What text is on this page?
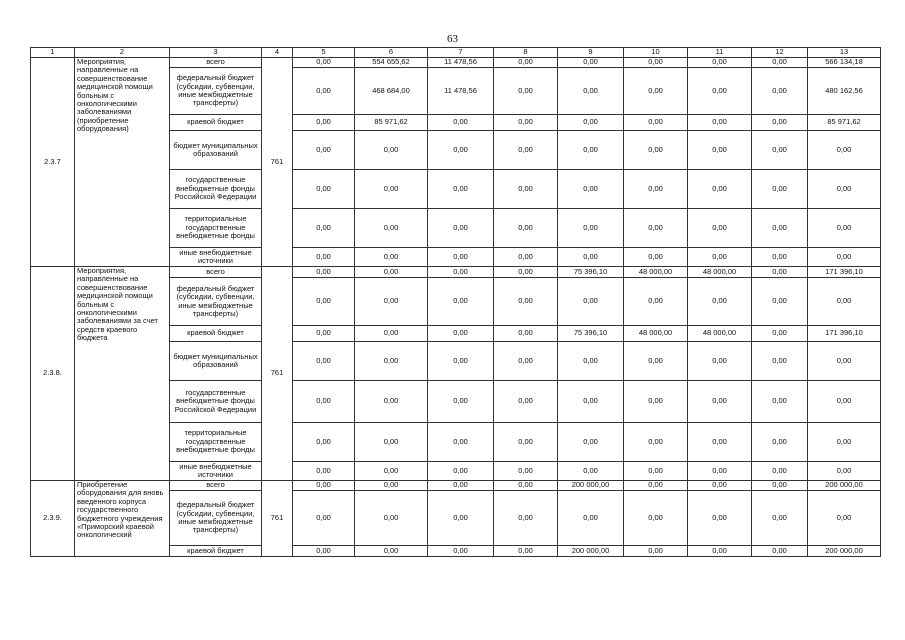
63
1	2	3	4	5	6	7	8	9	10	11	12	13
2.3.7	Мероприятия, направленные на совершенствование медицинской помощи больным с онкологическими заболеваниями (приобретение оборудования)	всего	761	0,00	554 655,62	11 478,56	0,00	0,00	0,00	0,00	0,00	566 134,18
		федеральный бюджет (субсидии, субвенции, иные межбюджетные трансферты)		0,00	468 684,00	11 478,56	0,00	0,00	0,00	0,00	0,00	480 162,56
		краевой бюджет		0,00	85 971,62	0,00	0,00	0,00	0,00	0,00	0,00	85 971,62
		бюджет муниципальных образований		0,00	0,00	0,00	0,00	0,00	0,00	0,00	0,00	0,00
		государственные внебюджетные фонды Российской Федерации		0,00	0,00	0,00	0,00	0,00	0,00	0,00	0,00	0,00
		территориальные государственные внебюджетные фонды		0,00	0,00	0,00	0,00	0,00	0,00	0,00	0,00	0,00
		иные внебюджетные источники		0,00	0,00	0,00	0,00	0,00	0,00	0,00	0,00	0,00
2.3.8.	Мероприятия, направленные на совершенствование медицинской помощи больным с онкологическими заболеваниями за счет средств краевого бюджета	всего	761	0,00	0,00	0,00	0,00	75 396,10	48 000,00	48 000,00	0,00	171 396,10
		федеральный бюджет (субсидии, субвенции, иные межбюджетные трансферты)		0,00	0,00	0,00	0,00	0,00	0,00	0,00	0,00	0,00
		краевой бюджет		0,00	0,00	0,00	0,00	75 396,10	48 000,00	48 000,00	0,00	171 396,10
		бюджет муниципальных образований		0,00	0,00	0,00	0,00	0,00	0,00	0,00	0,00	0,00
		государственные внебюджетные фонды Российской Федерации		0,00	0,00	0,00	0,00	0,00	0,00	0,00	0,00	0,00
		территориальные государственные внебюджетные фонды		0,00	0,00	0,00	0,00	0,00	0,00	0,00	0,00	0,00
		иные внебюджетные источники		0,00	0,00	0,00	0,00	0,00	0,00	0,00	0,00	0,00
2.3.9.	Приобретение оборудования для вновь введенного корпуса государственного бюджетного учреждения «Приморский краевой онкологический	всего	761	0,00	0,00	0,00	0,00	200 000,00	0,00	0,00	0,00	200 000,00
		федеральный бюджет (субсидии, субвенции, иные межбюджетные трансферты)		0,00	0,00	0,00	0,00	0,00	0,00	0,00	0,00	0,00
		краевой бюджет		0,00	0,00	0,00	0,00	200 000,00	0,00	0,00	0,00	200 000,00
